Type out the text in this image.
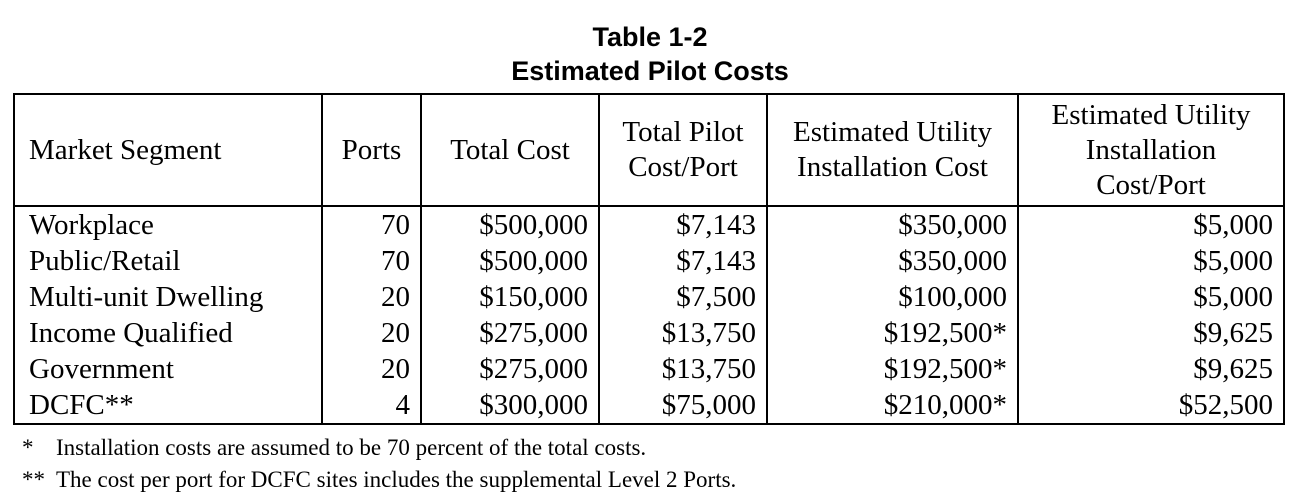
Table 1-2
Estimated Pilot Costs
Market Segment	Ports	Total Cost	Total Pilot Cost/Port	Estimated Utility Installation Cost	Estimated Utility Installation Cost/Port
Workplace	70	$500,000	$7,143	$350,000	$5,000
Public/Retail	70	$500,000	$7,143	$350,000	$5,000
Multi-unit Dwelling	20	$150,000	$7,500	$100,000	$5,000
Income Qualified	20	$275,000	$13,750	$192,500*	$9,625
Government	20	$275,000	$13,750	$192,500*	$9,625
DCFC**	4	$300,000	$75,000	$210,000*	$52,500
* Installation costs are assumed to be 70 percent of the total costs.
** The cost per port for DCFC sites includes the supplemental Level 2 Ports.
